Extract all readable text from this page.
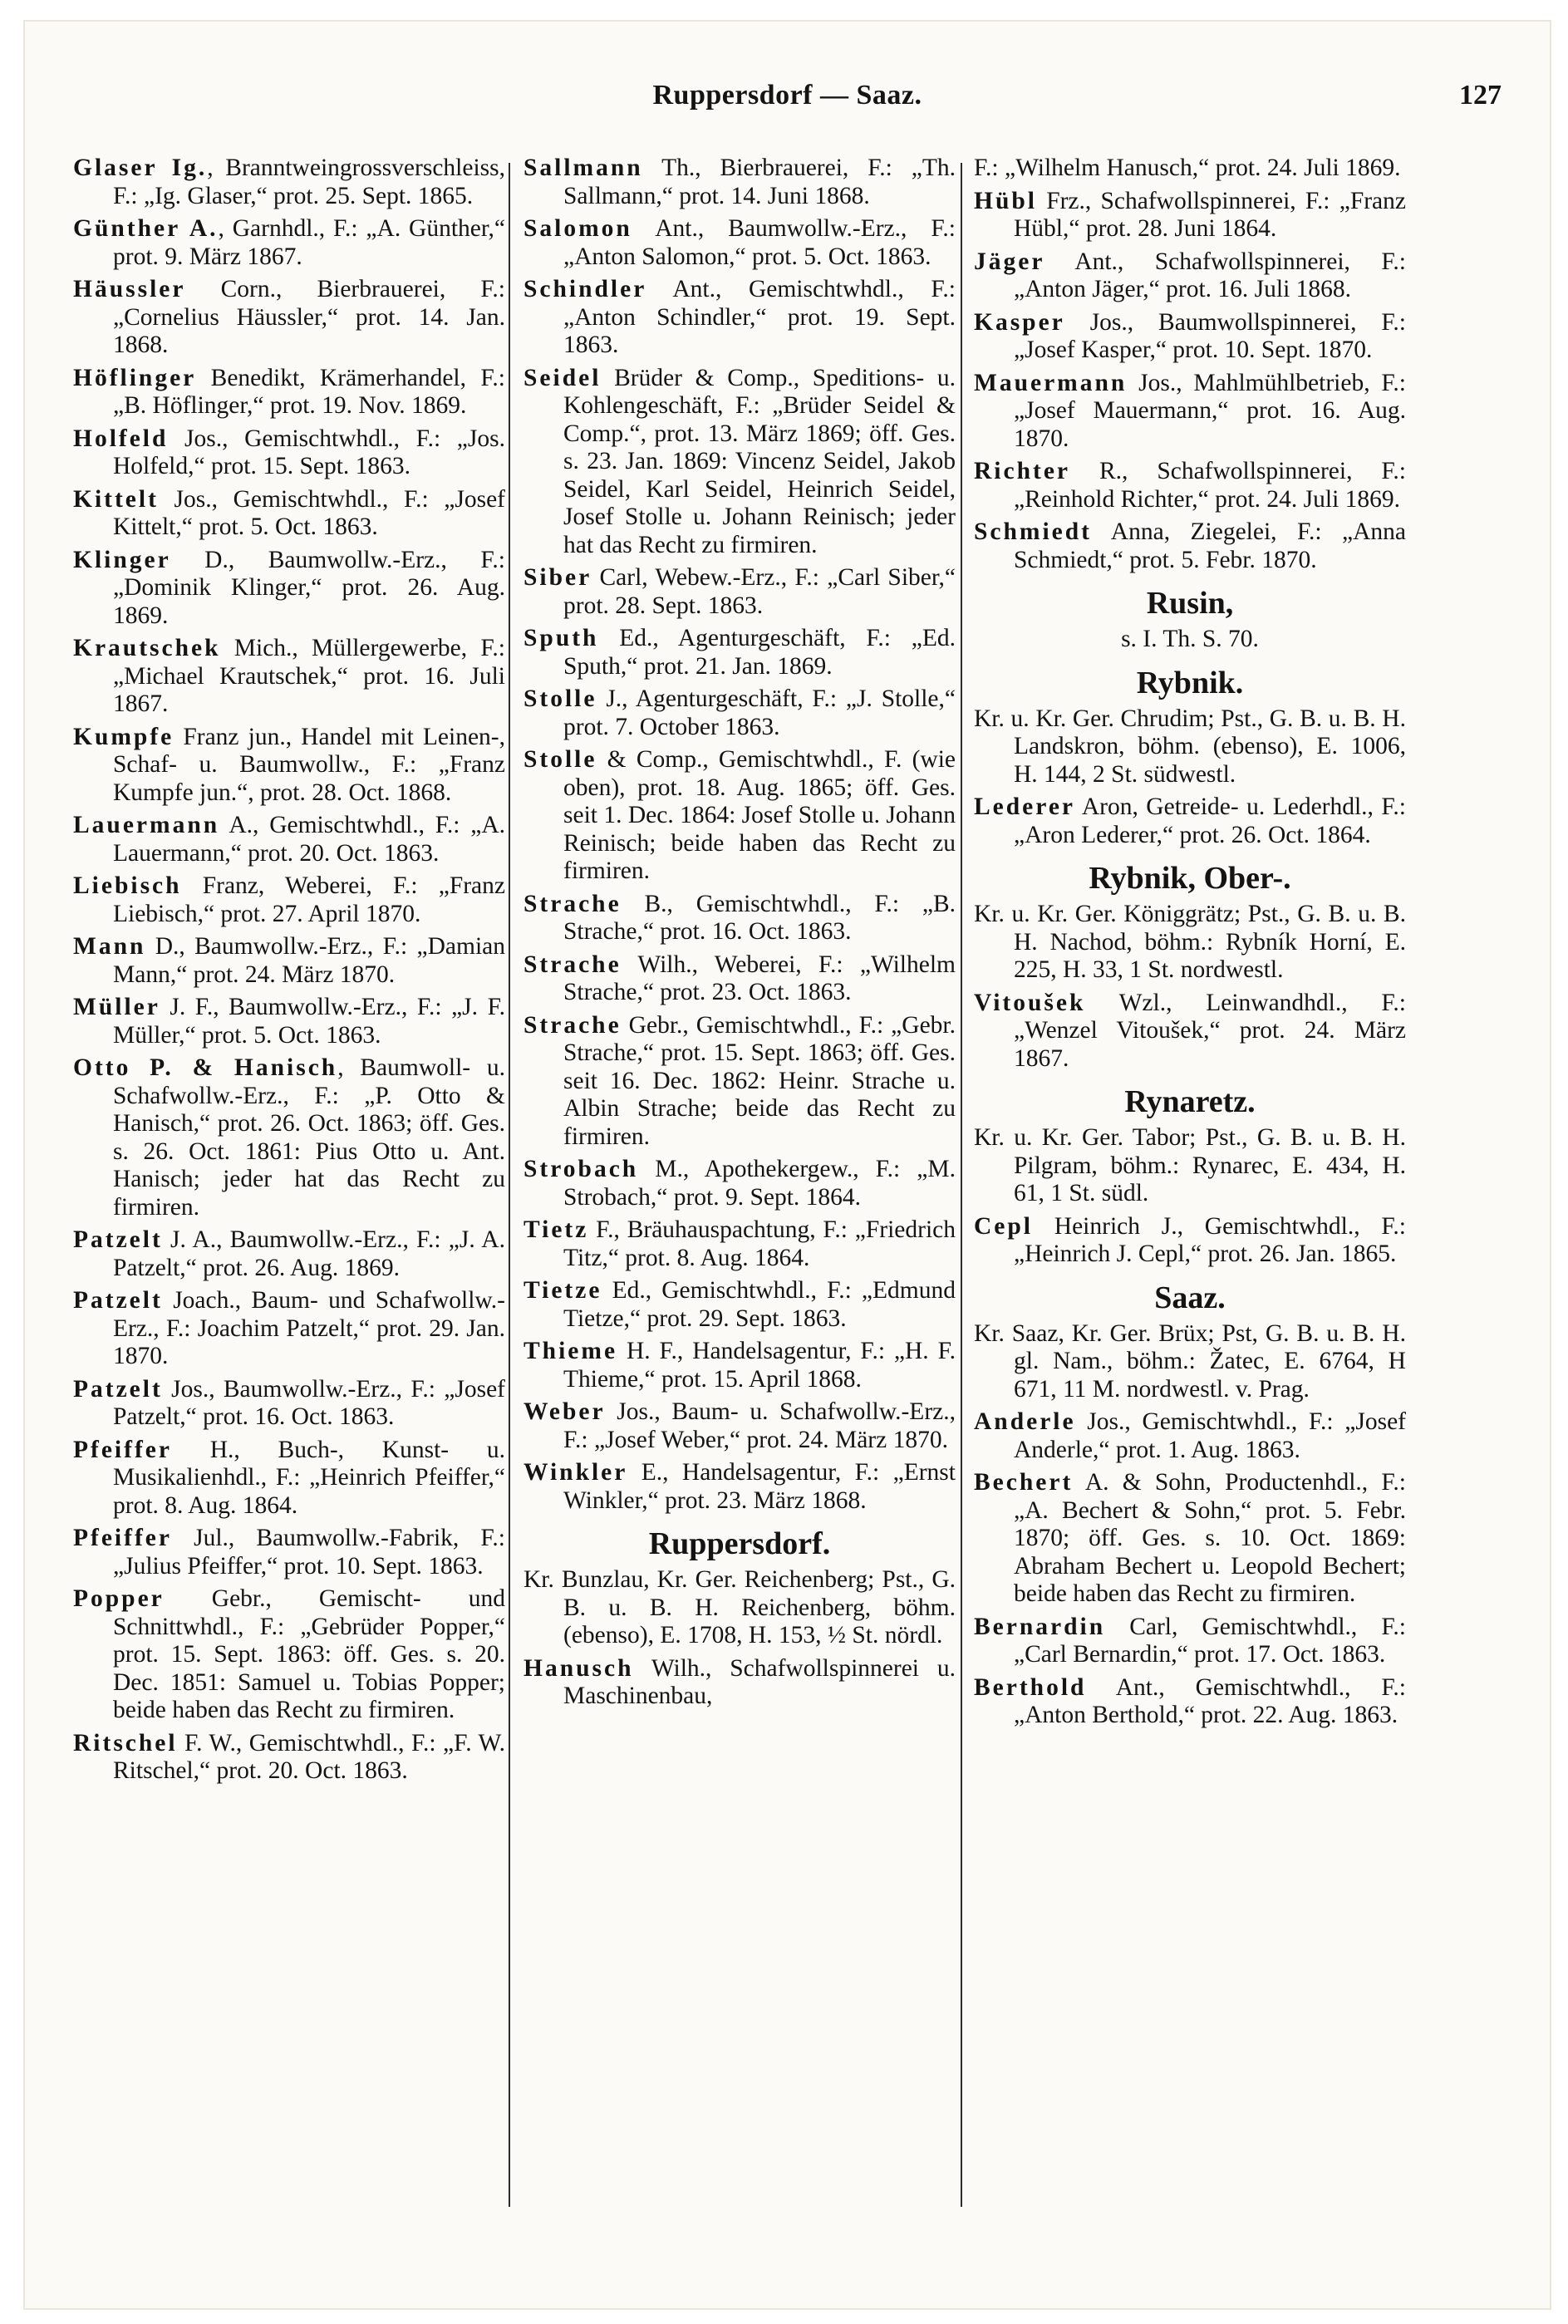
Ruppersdorf — Saaz.	127
Glaser Ig., Branntweingrossverschleiss, F.: „Ig. Glaser,“ prot. 25. Sept. 1865.
Günther A., Garnhdl., F.: „A. Günther,“ prot. 9. März 1867.
Häussler Corn., Bierbrauerei, F.: „Cornelius Häussler,“ prot. 14. Jan. 1868.
Höflinger Benedikt, Krämerhandel, F.: „B. Höflinger,“ prot. 19. Nov. 1869.
Holfeld Jos., Gemischtwhdl., F.: „Jos. Holfeld,“ prot. 15. Sept. 1863.
Kittelt Jos., Gemischtwhdl., F.: „Josef Kittelt,“ prot. 5. Oct. 1863.
Klinger D., Baumwollw.-Erz., F.: „Dominik Klinger,“ prot. 26. Aug. 1869.
Krautschek Mich., Müllergewerbe, F.: „Michael Krautschek,“ prot. 16. Juli 1867.
Kumpfe Franz jun., Handel mit Leinen-, Schaf- u. Baumwollw., F.: „Franz Kumpfe jun.“, prot. 28. Oct. 1868.
Lauermann A., Gemischtwhdl., F.: „A. Lauermann,“ prot. 20. Oct. 1863.
Liebisch Franz, Weberei, F.: „Franz Liebisch,“ prot. 27. April 1870.
Mann D., Baumwollw.-Erz., F.: „Damian Mann,“ prot. 24. März 1870.
Müller J. F., Baumwollw.-Erz., F.: „J. F. Müller,“ prot. 5. Oct. 1863.
Otto P. & Hanisch, Baumwoll- u. Schafwollw.-Erz., F.: „P. Otto & Hanisch,“ prot. 26. Oct. 1863; öff. Ges. s. 26. Oct. 1861: Pius Otto u. Ant. Hanisch; jeder hat das Recht zu firmiren.
Patzelt J. A., Baumwollw.-Erz., F.: „J. A. Patzelt,“ prot. 26. Aug. 1869.
Patzelt Joach., Baum- und Schafwollw.-Erz., F.: Joachim Patzelt,“ prot. 29. Jan. 1870.
Patzelt Jos., Baumwollw.-Erz., F.: „Josef Patzelt,“ prot. 16. Oct. 1863.
Pfeiffer H., Buch-, Kunst- u. Musikalienhdl., F.: „Heinrich Pfeiffer,“ prot. 8. Aug. 1864.
Pfeiffer Jul., Baumwollw.-Fabrik, F.: „Julius Pfeiffer,“ prot. 10. Sept. 1863.
Popper Gebr., Gemischt- und Schnittwhdl., F.: „Gebrüder Popper,“ prot. 15. Sept. 1863: öff. Ges. s. 20. Dec. 1851: Samuel u. Tobias Popper; beide haben das Recht zu firmiren.
Ritschel F. W., Gemischtwhdl., F.: „F. W. Ritschel,“ prot. 20. Oct. 1863.
Sallmann Th., Bierbrauerei, F.: „Th. Sallmann,“ prot. 14. Juni 1868.
Salomon Ant., Baumwollw.-Erz., F.: „Anton Salomon,“ prot. 5. Oct. 1863.
Schindler Ant., Gemischtwhdl., F.: „Anton Schindler,“ prot. 19. Sept. 1863.
Seidel Brüder & Comp., Speditions- u. Kohlengeschäft, F.: „Brüder Seidel & Comp.“, prot. 13. März 1869; öff. Ges. s. 23. Jan. 1869: Vincenz Seidel, Jakob Seidel, Karl Seidel, Heinrich Seidel, Josef Stolle u. Johann Reinisch; jeder hat das Recht zu firmiren.
Siber Carl, Webew.-Erz., F.: „Carl Siber,“ prot. 28. Sept. 1863.
Sputh Ed., Agenturgeschäft, F.: „Ed. Sputh,“ prot. 21. Jan. 1869.
Stolle J., Agenturgeschäft, F.: „J. Stolle,“ prot. 7. October 1863.
Stolle & Comp., Gemischtwhdl., F. (wie oben), prot. 18. Aug. 1865; öff. Ges. seit 1. Dec. 1864: Josef Stolle u. Johann Reinisch; beide haben das Recht zu firmiren.
Strache B., Gemischtwhdl., F.: „B. Strache,“ prot. 16. Oct. 1863.
Strache Wilh., Weberei, F.: „Wilhelm Strache,“ prot. 23. Oct. 1863.
Strache Gebr., Gemischtwhdl., F.: „Gebr. Strache,“ prot. 15. Sept. 1863; öff. Ges. seit 16. Dec. 1862: Heinr. Strache u. Albin Strache; beide das Recht zu firmiren.
Strobach M., Apothekergew., F.: „M. Strobach,“ prot. 9. Sept. 1864.
Tietz F., Bräuhauspachtung, F.: „Friedrich Titz,“ prot. 8. Aug. 1864.
Tietze Ed., Gemischtwhdl., F.: „Edmund Tietze,“ prot. 29. Sept. 1863.
Thieme H. F., Handelsagentur, F.: „H. F. Thieme,“ prot. 15. April 1868.
Weber Jos., Baum- u. Schafwollw.-Erz., F.: „Josef Weber,“ prot. 24. März 1870.
Winkler E., Handelsagentur, F.: „Ernst Winkler,“ prot. 23. März 1868.
Ruppersdorf.
Kr. Bunzlau, Kr. Ger. Reichenberg; Pst., G. B. u. B. H. Reichenberg, böhm. (ebenso), E. 1708, H. 153, ½ St. nördl.
Hanusch Wilh., Schafwollspinnerei u. Maschinenbau,
F.: „Wilhelm Hanusch,“ prot. 24. Juli 1869.
Hübl Frz., Schafwollspinnerei, F.: „Franz Hübl,“ prot. 28. Juni 1864.
Jäger Ant., Schafwollspinnerei, F.: „Anton Jäger,“ prot. 16. Juli 1868.
Kasper Jos., Baumwollspinnerei, F.: „Josef Kasper,“ prot. 10. Sept. 1870.
Mauermann Jos., Mahlmühlbetrieb, F.: „Josef Mauermann,“ prot. 16. Aug. 1870.
Richter R., Schafwollspinnerei, F.: „Reinhold Richter,“ prot. 24. Juli 1869.
Schmiedt Anna, Ziegelei, F.: „Anna Schmiedt,“ prot. 5. Febr. 1870.
Rusin,
s. I. Th. S. 70.
Rybnik.
Kr. u. Kr. Ger. Chrudim; Pst., G. B. u. B. H. Landskron, böhm. (ebenso), E. 1006, H. 144, 2 St. südwestl.
Lederer Aron, Getreide- u. Lederhdl., F.: „Aron Lederer,“ prot. 26. Oct. 1864.
Rybnik, Ober-.
Kr. u. Kr. Ger. Königgrätz; Pst., G. B. u. B. H. Nachod, böhm.: Rybník Horní, E. 225, H. 33, 1 St. nordwestl.
Vitoušek Wzl., Leinwandhdl., F.: „Wenzel Vitoušek,“ prot. 24. März 1867.
Rynaretz.
Kr. u. Kr. Ger. Tabor; Pst., G. B. u. B. H. Pilgram, böhm.: Rynarec, E. 434, H. 61, 1 St. südl.
Cepl Heinrich J., Gemischtwhdl., F.: „Heinrich J. Cepl,“ prot. 26. Jan. 1865.
Saaz.
Kr. Saaz, Kr. Ger. Brüx; Pst, G. B. u. B. H. gl. Nam., böhm.: Žatec, E. 6764, H 671, 11 M. nordwestl. v. Prag.
Anderle Jos., Gemischtwhdl., F.: „Josef Anderle,“ prot. 1. Aug. 1863.
Bechert A. & Sohn, Productenhdl., F.: „A. Bechert & Sohn,“ prot. 5. Febr. 1870; öff. Ges. s. 10. Oct. 1869: Abraham Bechert u. Leopold Bechert; beide haben das Recht zu firmiren.
Bernardin Carl, Gemischtwhdl., F.: „Carl Bernardin,“ prot. 17. Oct. 1863.
Berthold Ant., Gemischtwhdl., F.: „Anton Berthold,“ prot. 22. Aug. 1863.
